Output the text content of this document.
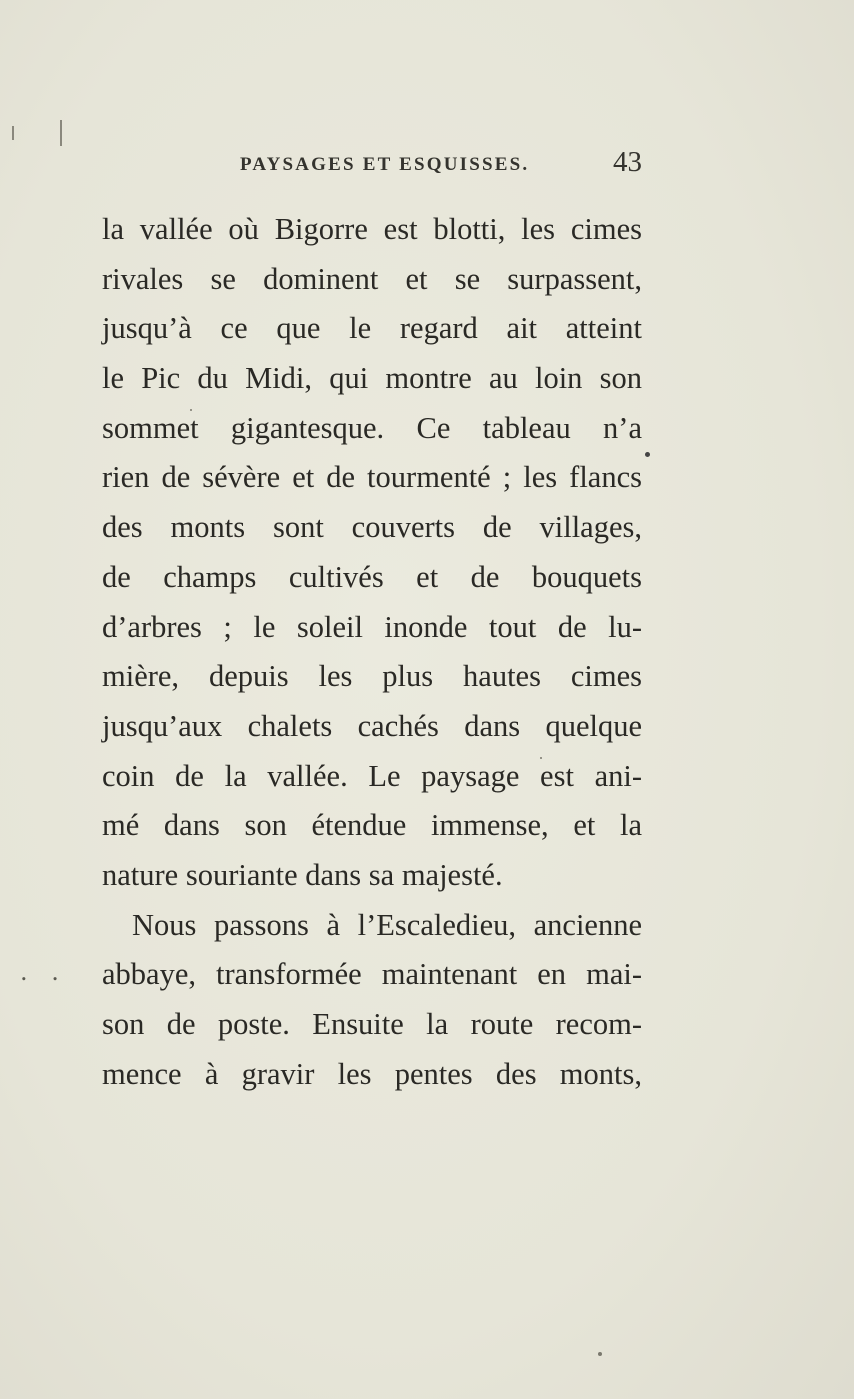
PAYSAGES ET ESQUISSES.	43
la vallée où Bigorre est blotti, les cimes
rivales se dominent et se surpassent,
jusqu’à ce que le regard ait atteint
le Pic du Midi, qui montre au loin son
sommet gigantesque. Ce tableau n’a
rien de sévère et de tourmenté ; les flancs
des monts sont couverts de villages,
de champs cultivés et de bouquets
d’arbres ; le soleil inonde tout de lu-
mière, depuis les plus hautes cimes
jusqu’aux chalets cachés dans quelque
coin de la vallée. Le paysage est ani-
mé dans son étendue immense, et la
nature souriante dans sa majesté.
Nous passons à l’Escaledieu, ancienne
abbaye, transformée maintenant en mai-
son de poste. Ensuite la route recom-
mence à gravir les pentes des monts,
. .
